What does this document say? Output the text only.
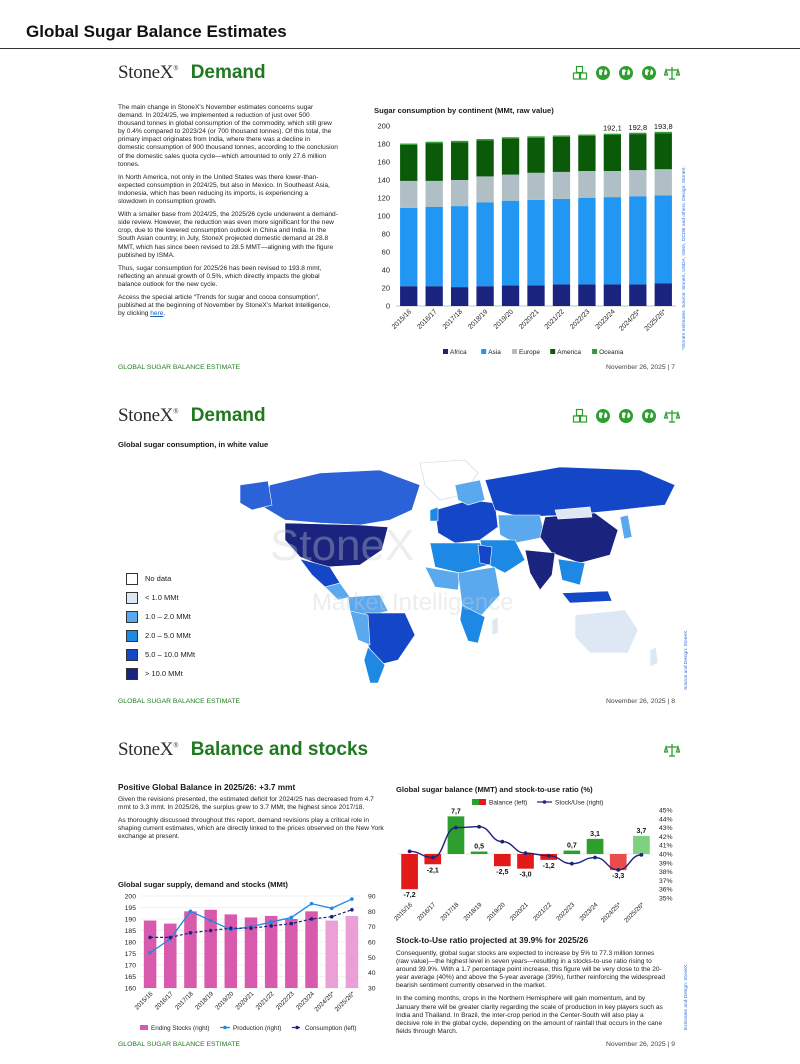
Global Sugar Balance Estimates
StoneX® Demand

The main change in StoneX's November estimates concerns sugar demand. In 2024/25, we implemented a reduction of just over 500 thousand tonnes in global consumption of the commodity, which still grew by 0.4% compared to 2023/24 (or 700 thousand tonnes). Of this total, the primary impact originates from India, where there was a decline in domestic consumption of 900 thousand tonnes, according to the conclusion of the domestic sales quota cycle—which amounted to only 27.6 million tonnes.

In North America, not only in the United States was there lower-than-expected consumption in 2024/25, but also in Mexico. In Southeast Asia, Indonesia, which has been reducing its imports, is experiencing a slowdown in consumption growth.

With a smaller base from 2024/25, the 2025/26 cycle underwent a demand-side review. However, the reduction was even more significant for the new crop, due to the lowered consumption outlook in China and India. In the South Asian country, in July, StoneX projected domestic demand at 28.8 MMT, which has since been revised to 28.5 MMT—aligning with the figure published by ISMA.

Thus, sugar consumption for 2025/26 has been revised to 193.8 mmt, reflecting an annual growth of 0.5%, which directly impacts the global balance outlook for the new cycle.

Access the special article “Trends for sugar and cocoa consumption”, published at the beginning of November by StoneX's Market Intelligence, by clicking here.

Sugar consumption by continent (MMt, raw value)
0
20
40
60
80
100
120
140
160
180
200
2015/16 2016/17 2017/18 2018/19 2019/20 2020/21 2021/22 2022/23
192,1
2023/24
192,8
2024/25*
193,8
2025/26*
Africa	Asia	Europe	America	Oceania
*StoneX estimates. Source: StoneX, USDA, ISMA, OCDE and others. Design: StoneX.
GLOBAL SUGAR BALANCE ESTIMATE	November 26, 2025 | 7
StoneX® Demand
Global sugar consumption, in white value
StoneX
Market Intelligence
No data
< 1.0 MMt
1.0 – 2.0 MMt
2.0 – 5.0 MMt
5.0 – 10.0 MMt
> 10.0 MMt	Source and Design: StoneX.
GLOBAL SUGAR BALANCE ESTIMATE	November 26, 2025 | 8
StoneX® Balance and stocks
Positive Global Balance in 2025/26: +3.7 mmt

Given the revisions presented, the estimated deficit for 2024/25 has decreased from 4.7 mmt to 3.3 mmt. In 2025/26, the surplus grew to 3.7 MMt, the highest since 2017/18.

As thoroughly discussed throughout this report, demand revisions play a critical role in shaping current estimates, which are directly linked to the prices observed on the New York exchange at present.

Global sugar supply, demand and stocks (MMt)
160
165
170
175
180
185
190
195
200
30
40
50
60
70
80
90
2015/16 2016/17 2017/18 2018/19 2019/20 2020/21 2021/22 2022/23 2023/24
2024/25*
2025/26*
Ending Stocks (right)	Production (right)	Consumption (left)
Global sugar balance (MMT) and stock-to-use ratio (%)
Balance (left)	Stock/Use (right)
45%
44%
43%
42%
41%
40%
39%
38%
37%
36%
35%
-7,2
-2,1
7,7
0,5
-2,5 -3,0
-1,2
0,7
3,1
-3,3
3,7
2015/16 2016/17 2017/18 2018/19 2019/20 2020/21 2021/22 2022/23 2023/24 2024/25* 2025/26*
Stock-to-Use ratio projected at 39.9% for 2025/26

Consequently, global sugar stocks are expected to increase by 5% to 77.3 million tonnes (raw value)—the highest level in seven years—resulting in a stocks-to-use ratio rising to around 39.9%. With a 1.7 percentage point increase, this figure will be very close to the 20-year average (40%) and above the 5-year average (39%), further reinforcing the widespread bearish sentiment currently observed in the market.

In the coming months, crops in the Northern Hemisphere will gain momentum, and by January there will be greater clarity regarding the scale of production in key players such as India and Thailand. In Brazil, the inter-crop period in the Center-South will also play a decisive role in the global cycle, depending on the amount of rainfall that occurs in the cane fields through March.

Estimates and Design: StoneX.
GLOBAL SUGAR BALANCE ESTIMATE	November 26, 2025 | 9
